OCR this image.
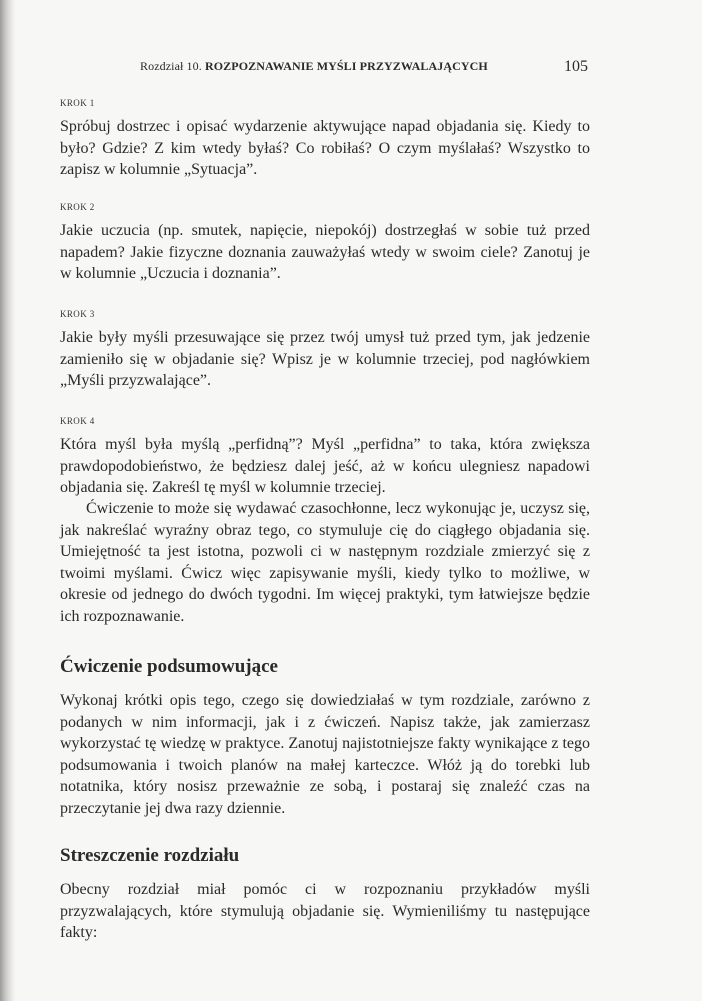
Rozdział 10. ROZPOZNAWANIE MYŚLI PRZYZWALAJĄCYCH	105
KROK 1

Spróbuj dostrzec i opisać wydarzenie aktywujące napad objadania się. Kiedy to było? Gdzie? Z kim wtedy byłaś? Co robiłaś? O czym myślałaś? Wszystko to zapisz w kolumnie „Sytuacja”.

KROK 2

Jakie uczucia (np. smutek, napięcie, niepokój) dostrzegłaś w sobie tuż przed napadem? Jakie fizyczne doznania zauważyłaś wtedy w swoim ciele? Zanotuj je w kolumnie „Uczucia i doznania”.

KROK 3

Jakie były myśli przesuwające się przez twój umysł tuż przed tym, jak jedzenie zamieniło się w objadanie się? Wpisz je w kolumnie trzeciej, pod nagłówkiem „Myśli przyzwalające”.

KROK 4

Która myśl była myślą „perfidną”? Myśl „perfidna” to taka, która zwiększa prawdopodobieństwo, że będziesz dalej jeść, aż w końcu ulegniesz napadowi objadania się. Zakreśl tę myśl w kolumnie trzeciej.

Ćwiczenie to może się wydawać czasochłonne, lecz wykonując je, uczysz się, jak nakreślać wyraźny obraz tego, co stymuluje cię do ciągłego objadania się. Umiejętność ta jest istotna, pozwoli ci w następnym rozdziale zmierzyć się z twoimi myślami. Ćwicz więc zapisywanie myśli, kiedy tylko to możliwe, w okresie od jednego do dwóch tygodni. Im więcej praktyki, tym łatwiejsze będzie ich rozpoznawanie.

Ćwiczenie podsumowujące

Wykonaj krótki opis tego, czego się dowiedziałaś w tym rozdziale, zarówno z podanych w nim informacji, jak i z ćwiczeń. Napisz także, jak zamierzasz wykorzystać tę wiedzę w praktyce. Zanotuj najistotniejsze fakty wynikające z tego podsumowania i twoich planów na małej karteczce. Włóż ją do torebki lub notatnika, który nosisz przeważnie ze sobą, i postaraj się znaleźć czas na przeczytanie jej dwa razy dziennie.

Streszczenie rozdziału

Obecny rozdział miał pomóc ci w rozpoznaniu przykładów myśli przyzwalających, które stymulują objadanie się. Wymieniliśmy tu następujące fakty:
